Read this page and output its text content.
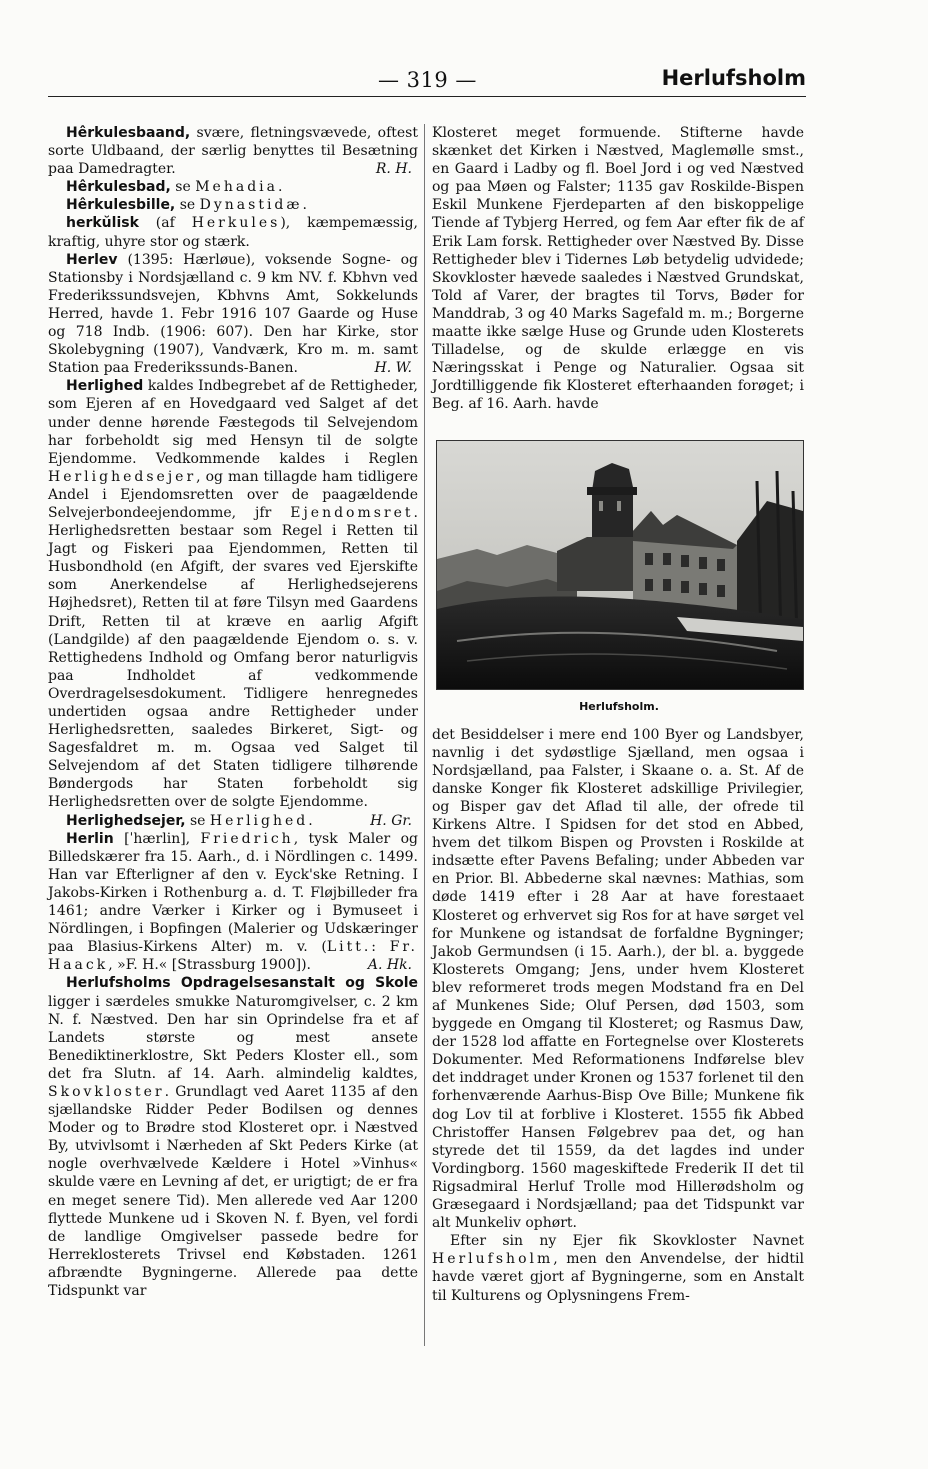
— 319 —	Herlufsholm

Hêrkulesbaand, svære, fletningsvævede, oftest sorte Uldbaand, der særlig benyttes til Besætning paa Damedragter.	R. H.

Hêrkulesbad, se Mehadia.

Hêrkulesbille, se Dynastidæ.

herkŭlisk (af Herkules), kæmpemæssig, kraftig, uhyre stor og stærk.

Herlev (1395: Hærløue), voksende Sogne- og Stationsby i Nordsjælland c. 9 km NV. f. Kbhvn ved Frederikssundsvejen, Kbhvns Amt, Sokkelunds Herred, havde 1. Febr 1916 107 Gaarde og Huse og 718 Indb. (1906: 607). Den har Kirke, stor Skolebygning (1907), Vandværk, Kro m. m. samt Station paa Frederikssunds-Banen.	H. W.

Herlighed kaldes Indbegrebet af de Rettigheder, som Ejeren af en Hovedgaard ved Salget af det under denne hørende Fæstegods til Selvejendom har forbeholdt sig med Hensyn til de solgte Ejendomme. Vedkommende kaldes i Reglen Herlighedsejer, og man tillagde ham tidligere Andel i Ejendomsretten over de paagældende Selvejerbondeejendomme, jfr Ejendomsret. Herlighedsretten bestaar som Regel i Retten til Jagt og Fiskeri paa Ejendommen, Retten til Husbondhold (en Afgift, der svares ved Ejerskifte som Anerkendelse af Herlighedsejerens Højhedsret), Retten til at føre Tilsyn med Gaardens Drift, Retten til at kræve en aarlig Afgift (Landgilde) af den paagældende Ejendom o. s. v. Rettighedens Indhold og Omfang beror naturligvis paa Indholdet af vedkommende Overdragelsesdokument. Tidligere henregnedes undertiden ogsaa andre Rettigheder under Herlighedsretten, saaledes Birkeret, Sigt- og Sagesfaldret m. m. Ogsaa ved Salget til Selvejendom af det Staten tidligere tilhørende Bøndergods har Staten forbeholdt sig Herlighedsretten over de solgte Ejendomme.
H. Gr.

Herlighedsejer, se Herlighed.

Herlin [ˈhærlin], Friedrich, tysk Maler og Billedskærer fra 15. Aarh., d. i Nördlingen c. 1499. Han var Efterligner af den v. Eyck'ske Retning. I Jakobs-Kirken i Rothenburg a. d. T. Fløjbilleder fra 1461; andre Værker i Kirker og i Bymuseet i Nördlingen, i Bopfingen (Malerier og Udskæringer paa Blasius-Kirkens Alter) m. v. (Litt.: Fr. Haack, »F. H.« [Strassburg 1900]).	A. Hk.

Herlufsholms Opdragelsesanstalt og Skole ligger i særdeles smukke Naturomgivelser, c. 2 km N. f. Næstved. Den har sin Oprindelse fra et af Landets største og mest ansete Benediktinerklostre, Skt Peders Kloster ell., som det fra Slutn. af 14. Aarh. almindelig kaldtes, Skovkloster. Grundlagt ved Aaret 1135 af den sjællandske Ridder Peder Bodilsen og dennes Moder og to Brødre stod Klosteret opr. i Næstved By, utvivlsomt i Nærheden af Skt Peders Kirke (at nogle overhvælvede Kældere i Hotel »Vinhus« skulde være en Levning af det, er urigtigt; de er fra en meget senere Tid). Men allerede ved Aar 1200 flyttede Munkene ud i Skoven N. f. Byen, vel fordi de landlige Omgivelser passede bedre for Herreklosterets Trivsel end Købstaden. 1261 afbrændte Bygningerne. Allerede paa dette Tidspunkt var

Klosteret meget formuende. Stifterne havde skænket det Kirken i Næstved, Maglemølle smst., en Gaard i Ladby og fl. Boel Jord i og ved Næstved og paa Møen og Falster; 1135 gav Roskilde-Bispen Eskil Munkene Fjerdeparten af den biskoppelige Tiende af Tybjerg Herred, og fem Aar efter fik de af Erik Lam forsk. Rettigheder over Næstved By. Disse Rettigheder blev i Tidernes Løb betydelig udvidede; Skovkloster hævede saaledes i Næstved Grundskat, Told af Varer, der bragtes til Torvs, Bøder for Manddrab, 3 og 40 Marks Sagefald m. m.; Borgerne maatte ikke sælge Huse og Grunde uden Klosterets Tilladelse, og de skulde erlægge en vis Næringsskat i Penge og Naturalier. Ogsaa sit Jordtilliggende fik Klosteret efterhaanden forøget; i Beg. af 16. Aarh. havde

Herlufsholm.

det Besiddelser i mere end 100 Byer og Landsbyer, navnlig i det sydøstlige Sjælland, men ogsaa i Nordsjælland, paa Falster, i Skaane o. a. St. Af de danske Konger fik Klosteret adskillige Privilegier, og Bisper gav det Aflad til alle, der ofrede til Kirkens Altre. I Spidsen for det stod en Abbed, hvem det tilkom Bispen og Provsten i Roskilde at indsætte efter Pavens Befaling; under Abbeden var en Prior. Bl. Abbederne skal nævnes: Mathias, som døde 1419 efter i 28 Aar at have forestaaet Klosteret og erhvervet sig Ros for at have sørget vel for Munkene og istandsat de forfaldne Bygninger; Jakob Germundsen (i 15. Aarh.), der bl. a. byggede Klosterets Omgang; Jens, under hvem Klosteret blev reformeret trods megen Modstand fra en Del af Munkenes Side; Oluf Persen, død 1503, som byggede en Omgang til Klosteret; og Rasmus Daw, der 1528 lod affatte en Fortegnelse over Klosterets Dokumenter. Med Reformationens Indførelse blev det inddraget under Kronen og 1537 forlenet til den forhenværende Aarhus-Bisp Ove Bille; Munkene fik dog Lov til at forblive i Klosteret. 1555 fik Abbed Christoffer Hansen Følgebrev paa det, og han styrede det til 1559, da det lagdes ind under Vordingborg. 1560 mageskiftede Frederik II det til Rigsadmiral Herluf Trolle mod Hillerødsholm og Græsegaard i Nordsjælland; paa det Tidspunkt var alt Munkeliv ophørt.

Efter sin ny Ejer fik Skovkloster Navnet Herlufsholm, men den Anvendelse, der hidtil havde været gjort af Bygningerne, som en Anstalt til Kulturens og Oplysningens Frem-
